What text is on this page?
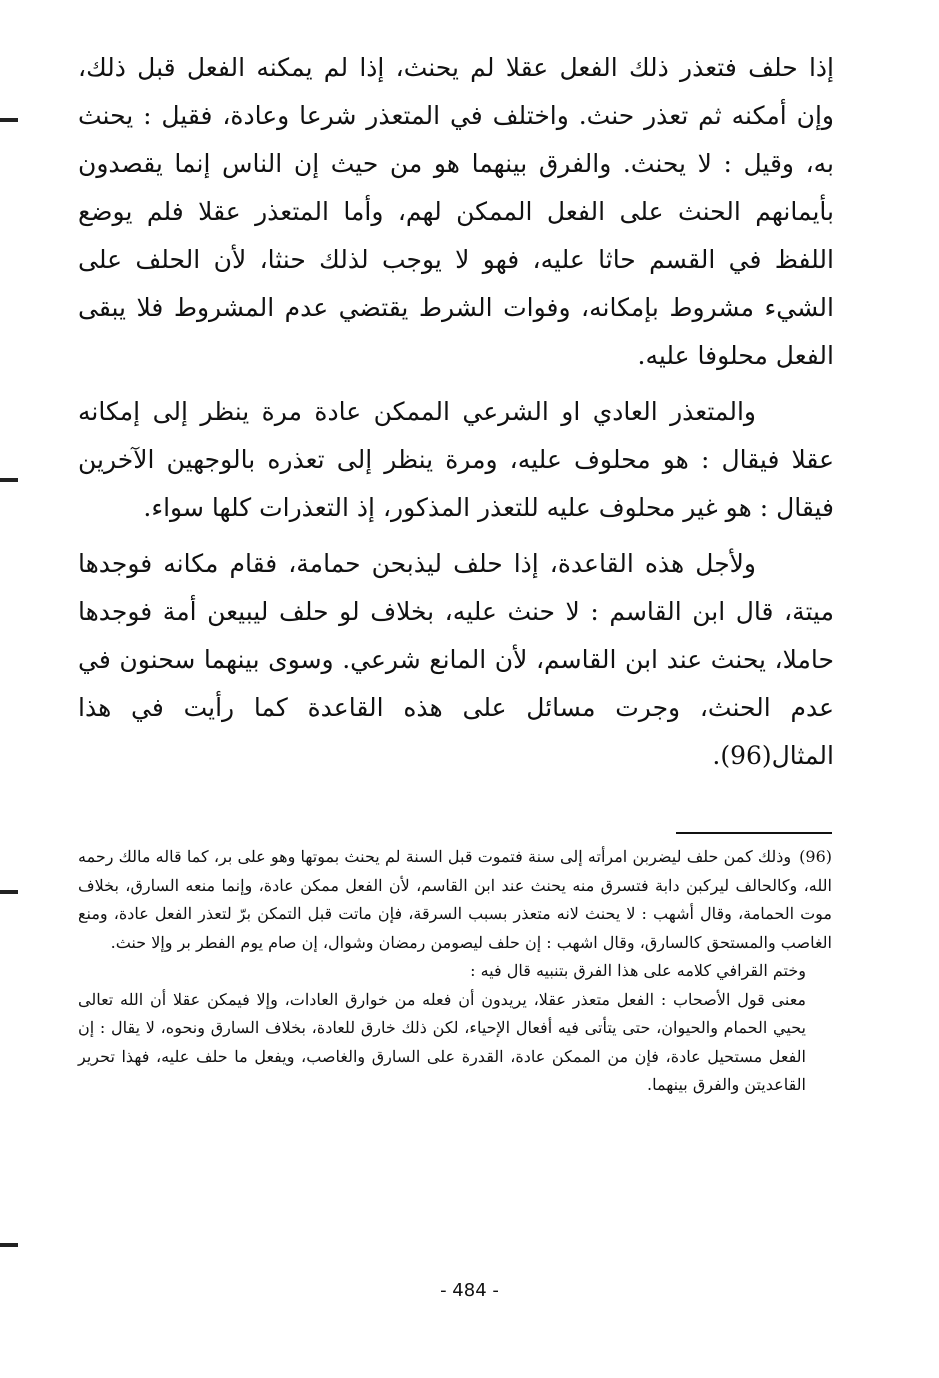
إذا حلف فتعذر ذلك الفعل عقلا لم يحنث، إذا لم يمكنه الفعل قبل ذلك، وإن أمكنه ثم تعذر حنث. واختلف في المتعذر شرعا وعادة، فقيل : يحنث به، وقيل : لا يحنث. والفرق بينهما هو من حيث إن الناس إنما يقصدون بأيمانهم الحنث على الفعل الممكن لهم، وأما المتعذر عقلا فلم يوضع اللفظ في القسم حاثا عليه، فهو لا يوجب لذلك حنثا، لأن الحلف على الشيء مشروط بإمكانه، وفوات الشرط يقتضي عدم المشروط فلا يبقى الفعل محلوفا عليه.

والمتعذر العادي او الشرعي الممكن عادة مرة ينظر إلى إمكانه عقلا فيقال : هو محلوف عليه، ومرة ينظر إلى تعذره بالوجهين الآخرين فيقال : هو غير محلوف عليه للتعذر المذكور، إذ التعذرات كلها سواء.

ولأجل هذه القاعدة، إذا حلف ليذبحن حمامة، فقام مكانه فوجدها ميتة، قال ابن القاسم : لا حنث عليه، بخلاف لو حلف ليبيعن أمة فوجدها حاملا، يحنث عند ابن القاسم، لأن المانع شرعي. وسوى بينهما سحنون في عدم الحنث، وجرت مسائل على هذه القاعدة كما رأيت في هذا المثال(96).

(96)وذلك كمن حلف ليضربن امرأته إلى سنة فتموت قبل السنة لم يحنث بموتها وهو على بر، كما قاله مالك رحمه الله، وكالحالف ليركبن دابة فتسرق منه يحنث عند ابن القاسم، لأن الفعل ممكن عادة، وإنما منعه السارق، بخلاف موت الحمامة، وقال أشهب : لا يحنث لانه متعذر بسبب السرقة، فإن ماتت قبل التمكن برّ لتعذر الفعل عادة، ومنع الغاصب والمستحق كالسارق، وقال اشهب : إن حلف ليصومن رمضان وشوال، إن صام يوم الفطر بر وإلا حنث.

وختم القرافي كلامه على هذا الفرق بتنبيه قال فيه :

معنى قول الأصحاب : الفعل متعذر عقلا، يريدون أن فعله من خوارق العادات، وإلا فيمكن عقلا أن الله تعالى يحيي الحمام والحيوان، حتى يتأتى فيه أفعال الإحياء، لكن ذلك خارق للعادة، بخلاف السارق ونحوه، لا يقال : إن الفعل مستحيل عادة، فإن من الممكن عادة، القدرة على السارق والغاصب، ويفعل ما حلف عليه، فهذا تحرير القاعديتن والفرق بينهما.

- 484 -
